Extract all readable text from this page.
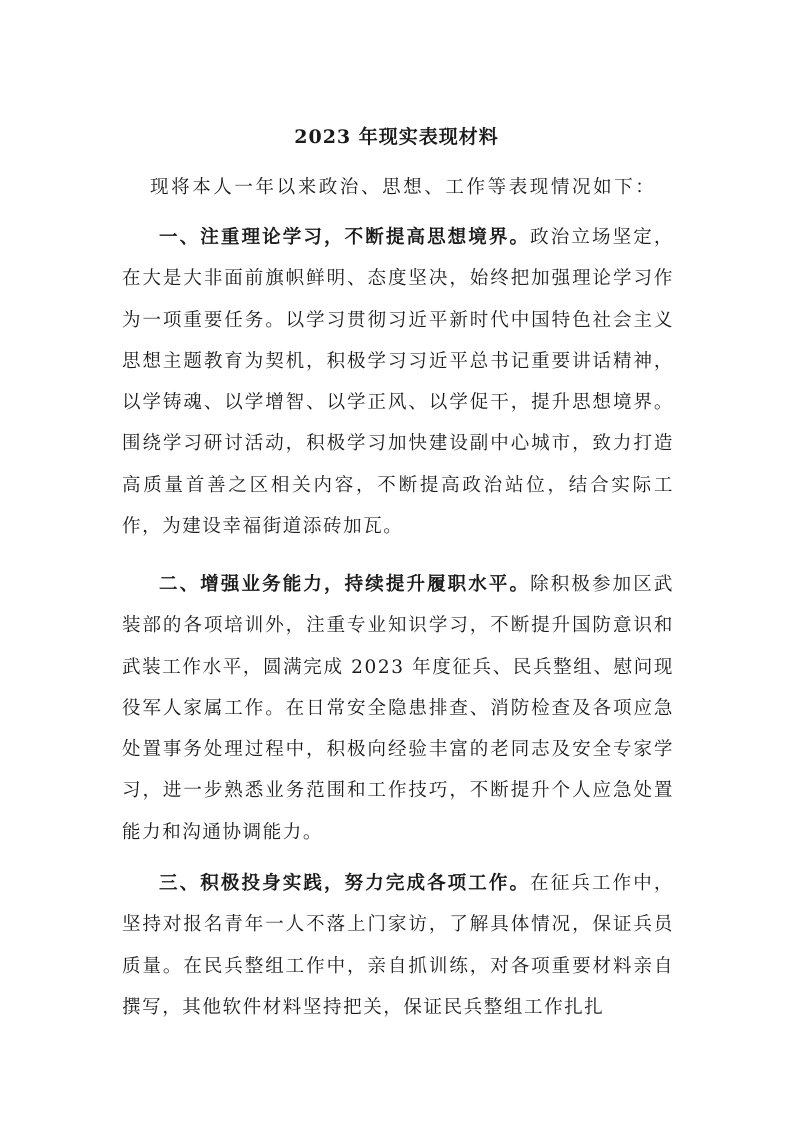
2023 年现实表现材料
现将本人一年以来政治、思想、工作等表现情况如下：

一、注重理论学习，不断提高思想境界。政治立场坚定，在大是大非面前旗帜鲜明、态度坚决，始终把加强理论学习作为一项重要任务。以学习贯彻习近平新时代中国特色社会主义思想主题教育为契机，积极学习习近平总书记重要讲话精神，以学铸魂、以学增智、以学正风、以学促干，提升思想境界。围绕学习研讨活动，积极学习加快建设副中心城市，致力打造高质量首善之区相关内容，不断提高政治站位，结合实际工作，为建设幸福街道添砖加瓦。

二、增强业务能力，持续提升履职水平。除积极参加区武装部的各项培训外，注重专业知识学习，不断提升国防意识和武装工作水平，圆满完成 2023 年度征兵、民兵整组、慰问现役军人家属工作。在日常安全隐患排查、消防检查及各项应急处置事务处理过程中，积极向经验丰富的老同志及安全专家学习，进一步熟悉业务范围和工作技巧，不断提升个人应急处置能力和沟通协调能力。

三、积极投身实践，努力完成各项工作。在征兵工作中，坚持对报名青年一人不落上门家访，了解具体情况，保证兵员质量。在民兵整组工作中，亲自抓训练，对各项重要材料亲自撰写，其他软件材料坚持把关，保证民兵整组工作扎扎
